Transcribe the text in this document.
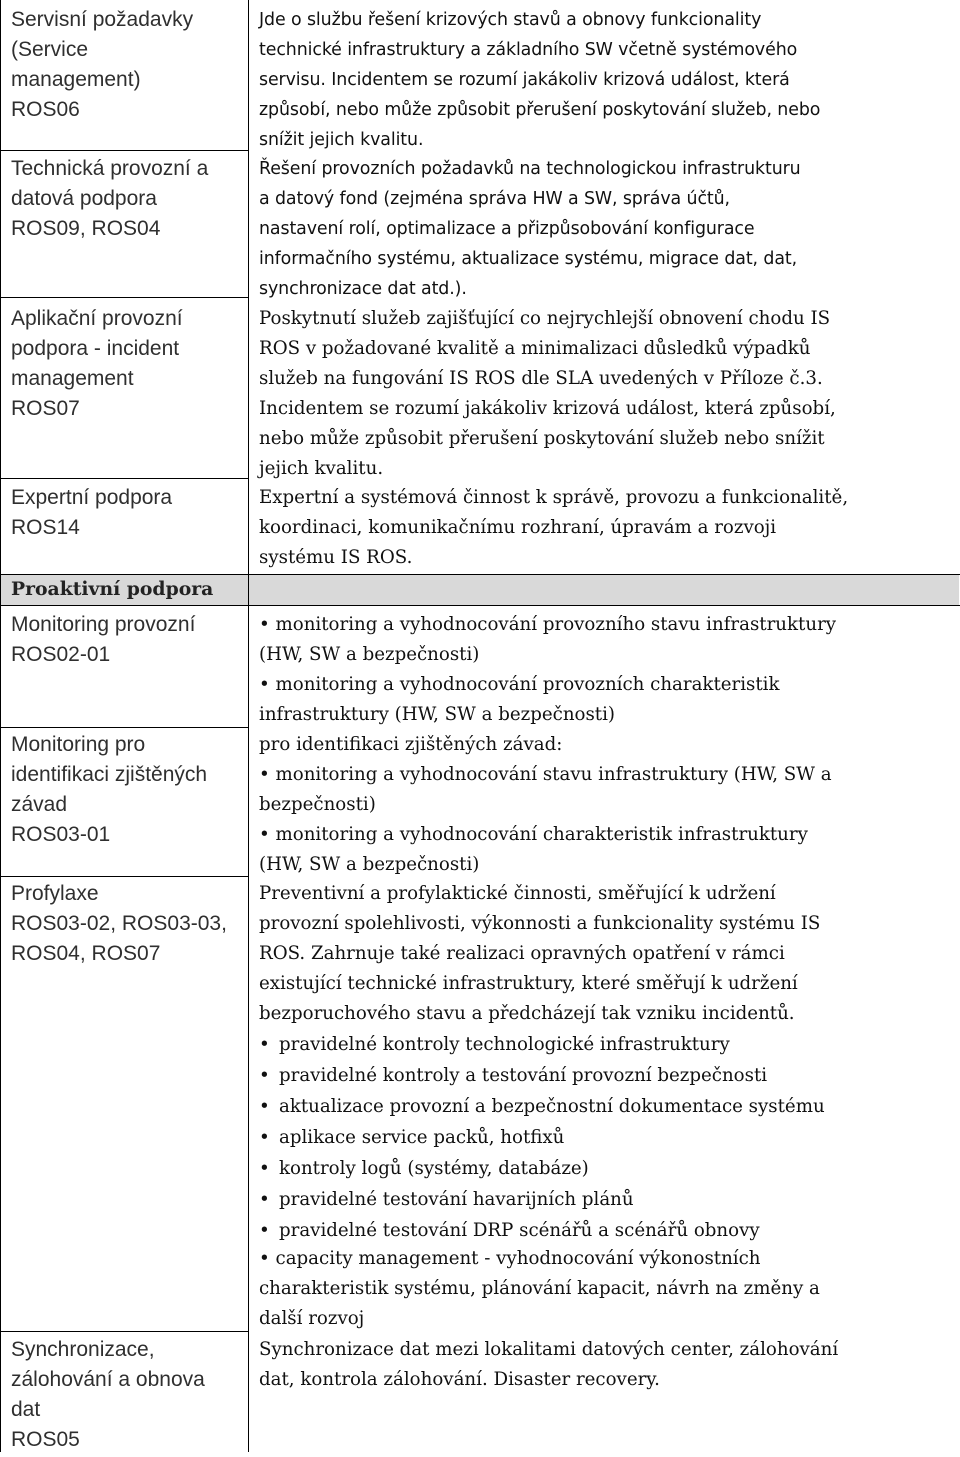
Servisní požadavky
(Service
management)
ROS06
Jde o službu řešení krizových stavů a obnovy funkcionality
technické infrastruktury a základního SW včetně systémového
servisu. Incidentem se rozumí jakákoliv krizová událost, která
způsobí, nebo může způsobit přerušení poskytování služeb, nebo
snížit jejich kvalitu.
Technická provozní a
datová podpora
ROS09, ROS04
Řešení provozních požadavků na technologickou infrastrukturu
a datový fond (zejména správa HW a SW, správa účtů,
nastavení rolí, optimalizace a přizpůsobování konfigurace
informačního systému, aktualizace systému, migrace dat, dat,
synchronizace dat atd.).
Aplikační provozní
podpora - incident
management
ROS07
Poskytnutí služeb zajišťující co nejrychlejší obnovení chodu IS
ROS v požadované kvalitě a minimalizaci důsledků výpadků
služeb na fungování IS ROS dle SLA uvedených v Příloze č.3.
Incidentem se rozumí jakákoliv krizová událost, která způsobí,
nebo může způsobit přerušení poskytování služeb nebo snížit
jejich kvalitu.
Expertní podpora
ROS14
Expertní a systémová činnost k správě, provozu a funkcionalitě,
koordinaci, komunikačnímu rozhraní, úpravám a rozvoji
systému IS ROS.
Proaktivní podpora
Monitoring provozní
ROS02-01
• monitoring a vyhodnocování provozního stavu infrastruktury
(HW, SW a bezpečnosti)
• monitoring a vyhodnocování provozních charakteristik
infrastruktury (HW, SW a bezpečnosti)
Monitoring pro
identifikaci zjištěných
závad
ROS03-01
pro identifikaci zjištěných závad:
• monitoring a vyhodnocování stavu infrastruktury (HW, SW a
bezpečnosti)
• monitoring a vyhodnocování charakteristik infrastruktury
(HW, SW a bezpečnosti)
Profylaxe
ROS03-02, ROS03-03,
ROS04, ROS07
Preventivní a profylaktické činnosti, směřující k udržení
provozní spolehlivosti, výkonnosti a funkcionality systému IS
ROS. Zahrnuje také realizaci opravných opatření v rámci
existující technické infrastruktury, které směřují k udržení
bezporuchového stavu a předcházejí tak vzniku incidentů.
• pravidelné kontroly technologické infrastruktury
• pravidelné kontroly a testování provozní bezpečnosti
• aktualizace provozní a bezpečnostní dokumentace systému
• aplikace service packů, hotfixů
• kontroly logů (systémy, databáze)
• pravidelné testování havarijních plánů
• pravidelné testování DRP scénářů a scénářů obnovy
• capacity management - vyhodnocování výkonostních
charakteristik systému, plánování kapacit, návrh na změny a
další rozvoj
Synchronizace,
zálohování a obnova
dat
ROS05
Synchronizace dat mezi lokalitami datových center, zálohování
dat, kontrola zálohování. Disaster recovery.
